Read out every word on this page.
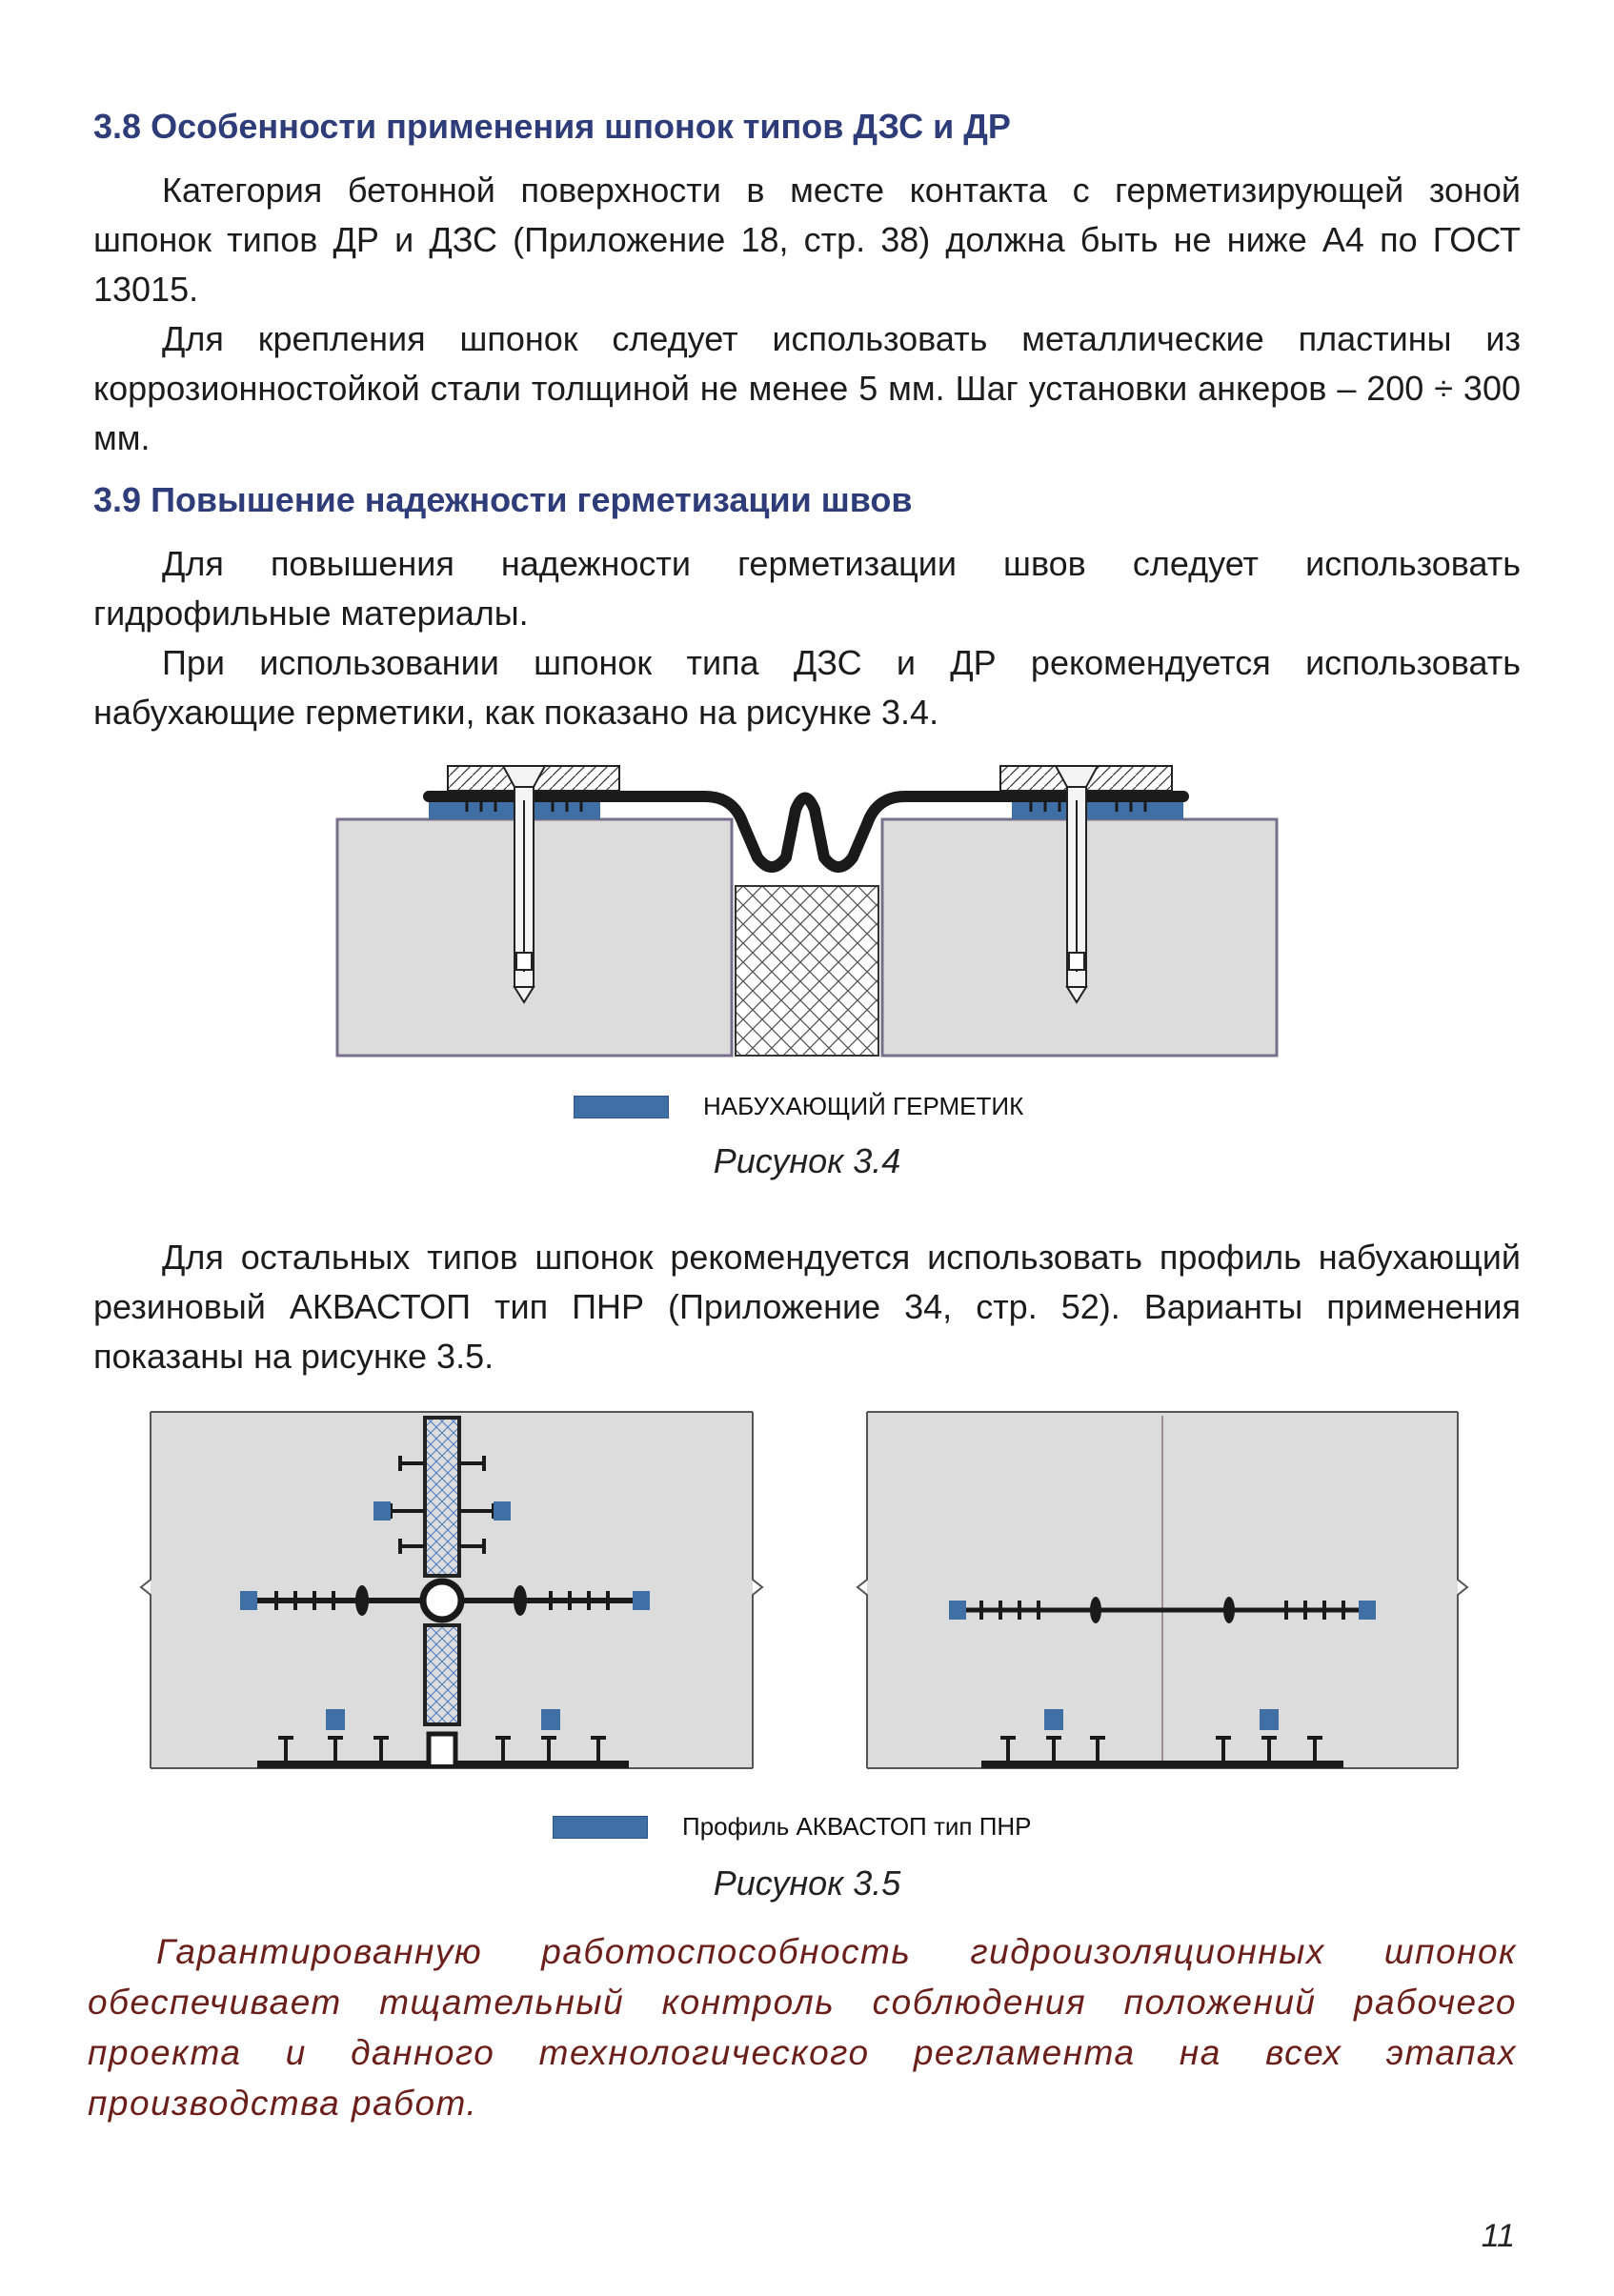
3.8 Особенности применения шпонок типов ДЗС и ДР

Категория бетонной поверхности в месте контакта с герметизирующей зоной шпонок типов ДР и ДЗС (Приложение 18, стр. 38) должна быть не ниже А4 по ГОСТ 13015.

Для крепления шпонок следует использовать металлические пластины из коррозионностойкой стали толщиной не менее 5 мм. Шаг установки анкеров – 200 ÷ 300 мм.

3.9 Повышение надежности герметизации швов

Для повышения надежности герметизации швов следует использовать гидрофильные материалы.

При использовании шпонок типа ДЗС и ДР рекомендуется использовать набухающие герметики, как показано на рисунке 3.4.

НАБУХАЮЩИЙ ГЕРМЕТИК
Рисунок 3.4

Для остальных типов шпонок рекомендуется использовать профиль набухающий резиновый АКВАСТОП тип ПНР (Приложение 34, стр. 52). Варианты применения показаны на рисунке 3.5.

Профиль АКВАСТОП тип ПНР
Рисунок 3.5

Гарантированную работоспособность гидроизоляционных шпонок обеспечивает тщательный контроль соблюдения положений рабочего проекта и данного технологического регламента на всех этапах производства работ.

11
